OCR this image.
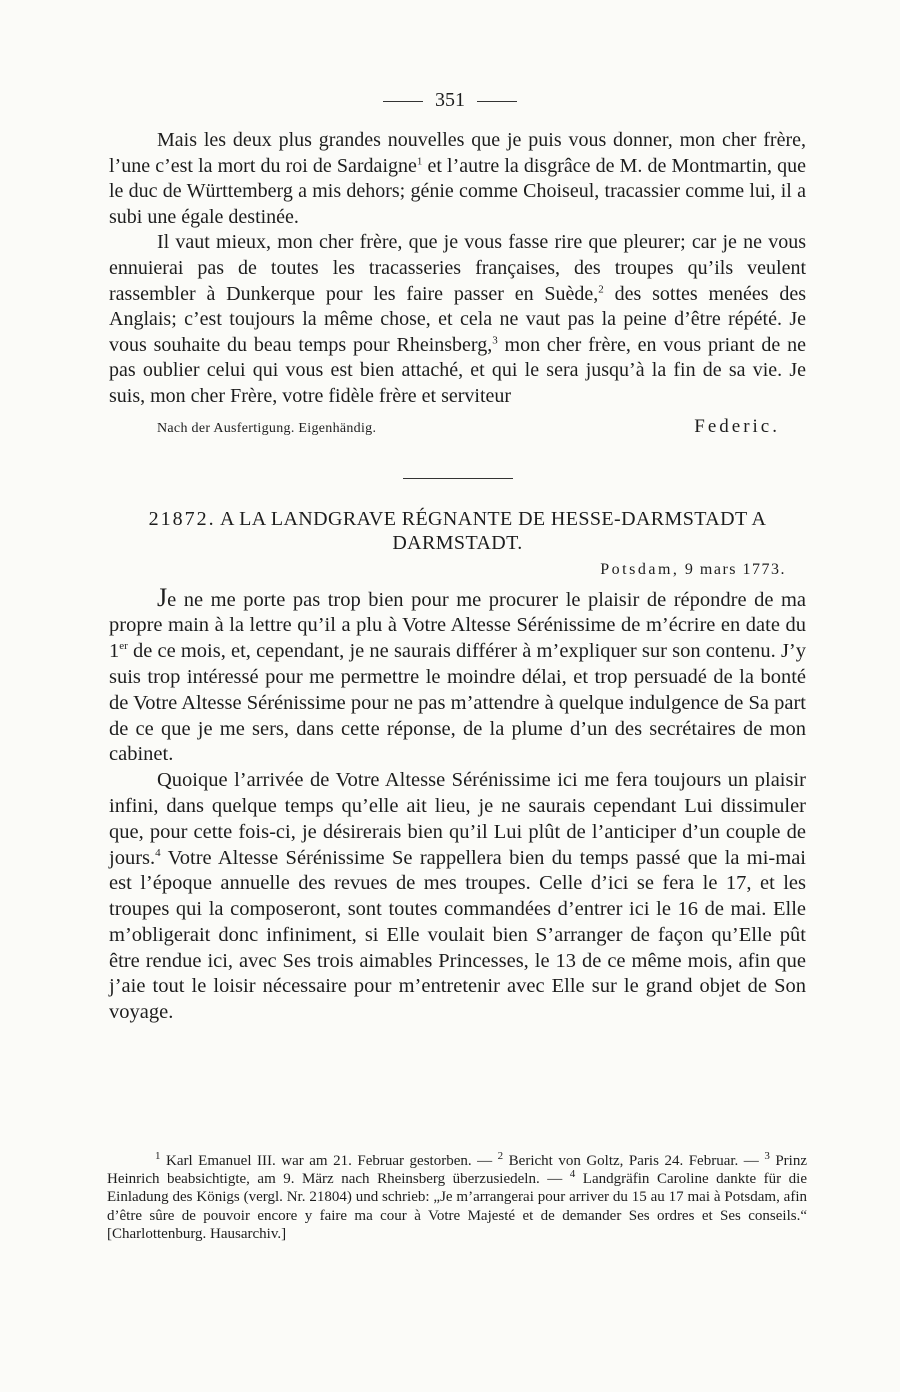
351

Mais les deux plus grandes nouvelles que je puis vous donner, mon cher frère, l’une c’est la mort du roi de Sardaigne$^1$ et l’autre la disgrâce de M. de Montmartin, que le duc de Württemberg a mis dehors; génie comme Choiseul, tracassier comme lui, il a subi une égale destinée.

Il vaut mieux, mon cher frère, que je vous fasse rire que pleurer; car je ne vous ennuierai pas de toutes les tracasseries françaises, des troupes qu’ils veulent rassembler à Dunkerque pour les faire passer en Suède,$^2$ des sottes menées des Anglais; c’est toujours la même chose, et cela ne vaut pas la peine d’être répété. Je vous souhaite du beau temps pour Rheinsberg,$^3$ mon cher frère, en vous priant de ne pas oublier celui qui vous est bien attaché, et qui le sera jusqu’à la fin de sa vie. Je suis, mon cher Frère, votre fidèle frère et serviteur

Nach der Ausfertigung. Eigenhändig.	Federic.
21872. A LA LANDGRAVE RÉGNANTE DE HESSE-DARMSTADT A DARMSTADT.
Potsdam, 9 mars 1773.

Je ne me porte pas trop bien pour me procurer le plaisir de répondre de ma propre main à la lettre qu’il a plu à Votre Altesse Sérénissime de m’écrire en date du 1er de ce mois, et, cependant, je ne saurais différer à m’expliquer sur son contenu. J’y suis trop intéressé pour me permettre le moindre délai, et trop persuadé de la bonté de Votre Altesse Sérénissime pour ne pas m’attendre à quelque indulgence de Sa part de ce que je me sers, dans cette réponse, de la plume d’un des secrétaires de mon cabinet.

Quoique l’arrivée de Votre Altesse Sérénissime ici me fera toujours un plaisir infini, dans quelque temps qu’elle ait lieu, je ne saurais cependant Lui dissimuler que, pour cette fois-ci, je désirerais bien qu’il Lui plût de l’anticiper d’un couple de jours.$^4$ Votre Altesse Sérénissime Se rappellera bien du temps passé que la mi-mai est l’époque annuelle des revues de mes troupes. Celle d’ici se fera le 17, et les troupes qui la composeront, sont toutes commandées d’entrer ici le 16 de mai. Elle m’obligerait donc infiniment, si Elle voulait bien S’arranger de façon qu’Elle pût être rendue ici, avec Ses trois aimables Princesses, le 13 de ce même mois, afin que j’aie tout le loisir nécessaire pour m’entretenir avec Elle sur le grand objet de Son voyage.

$^1$ Karl Emanuel III. war am 21. Februar gestorben. — $^2$ Bericht von Goltz, Paris 24. Februar. — $^3$ Prinz Heinrich beabsichtigte, am 9. März nach Rheinsberg überzusiedeln. — $^4$ Landgräfin Caroline dankte für die Einladung des Königs (vergl. Nr. 21804) und schrieb: „Je m’arrangerai pour arriver du 15 au 17 mai à Potsdam, afin d’être sûre de pouvoir encore y faire ma cour à Votre Majesté et de demander Ses ordres et Ses conseils.“ [Charlottenburg. Hausarchiv.]
